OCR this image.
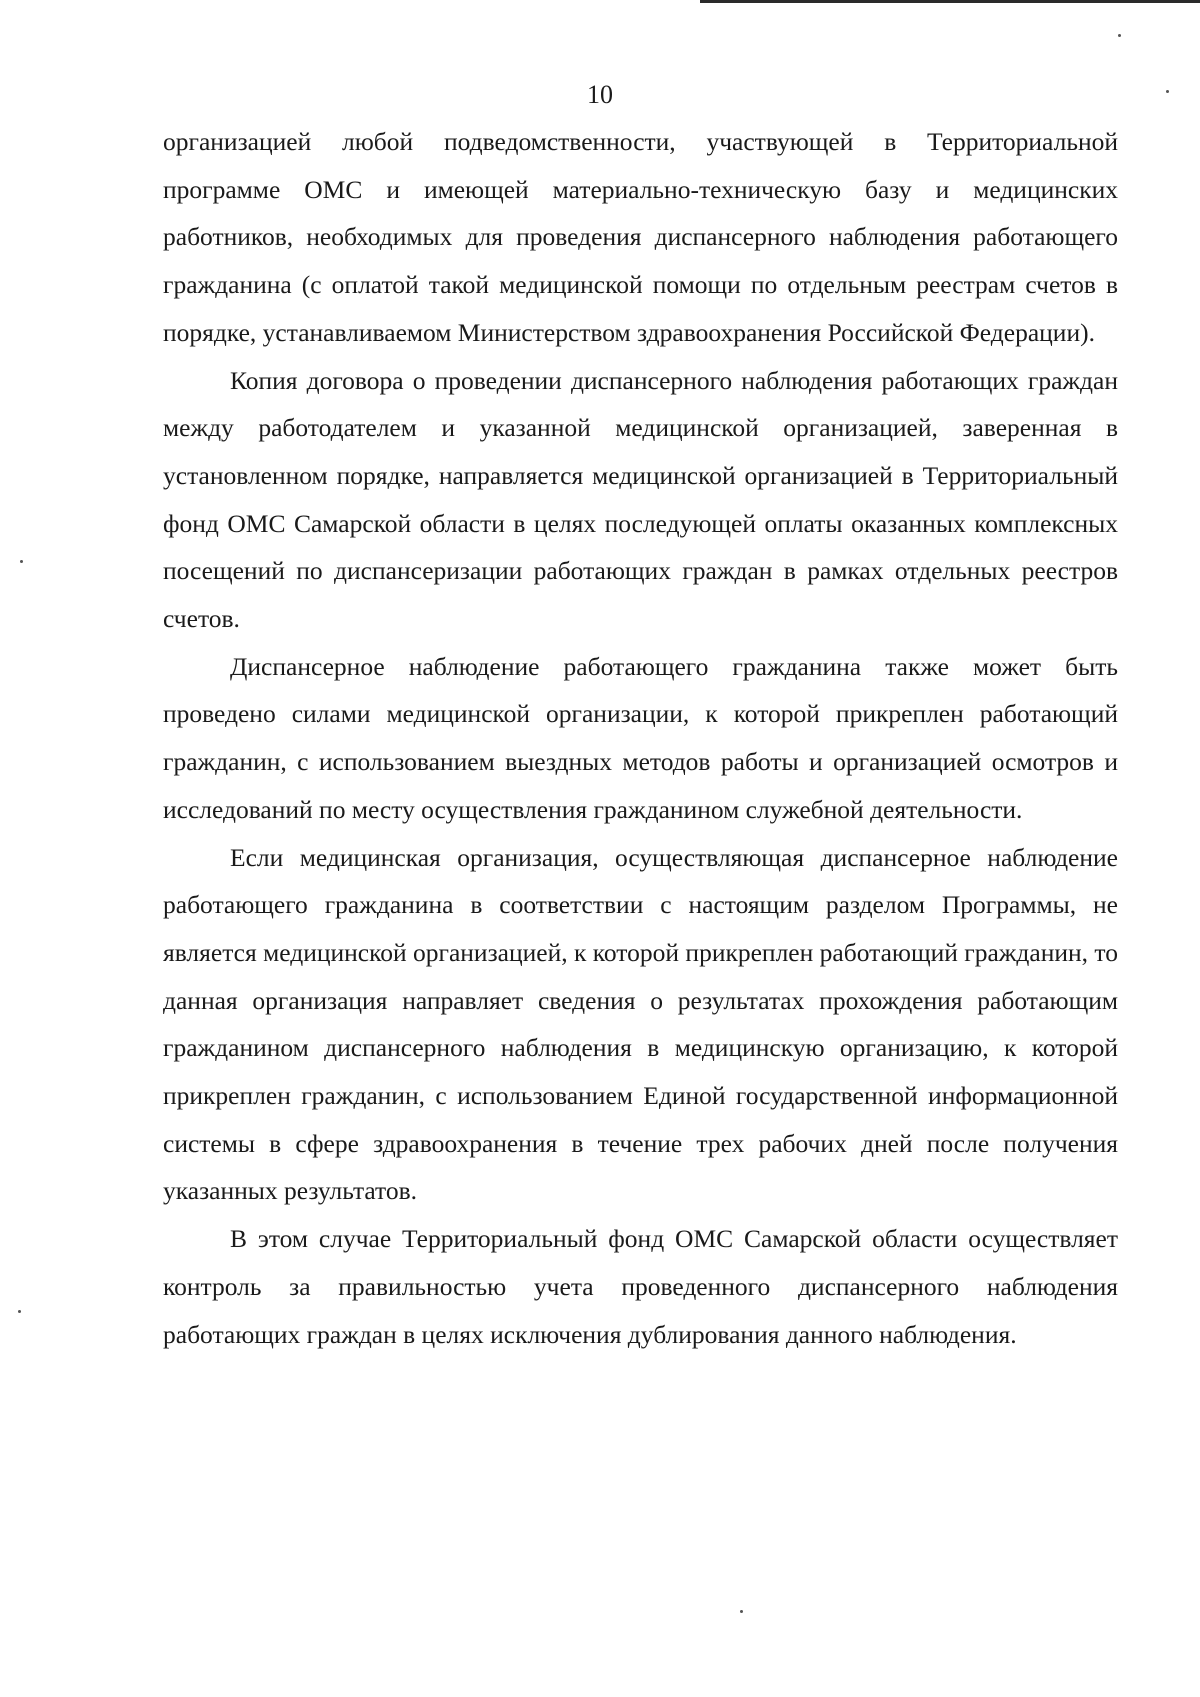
10

организацией любой подведомственности, участвующей в Территориальной программе ОМС и имеющей материально-техническую базу и медицинских работников, необходимых для проведения диспансерного наблюдения работающего гражданина (с оплатой такой медицинской помощи по отдельным реестрам счетов в порядке, устанавливаемом Министерством здравоохранения Российской Федерации).

Копия договора о проведении диспансерного наблюдения работающих граждан между работодателем и указанной медицинской организацией, заверенная в установленном порядке, направляется медицинской организацией в Территориальный фонд ОМС Самарской области в целях последующей оплаты оказанных комплексных посещений по диспансеризации работающих граждан в рамках отдельных реестров счетов.

Диспансерное наблюдение работающего гражданина также может быть проведено силами медицинской организации, к которой прикреплен работающий гражданин, с использованием выездных методов работы и организацией осмотров и исследований по месту осуществления гражданином служебной деятельности.

Если медицинская организация, осуществляющая диспансерное наблюдение работающего гражданина в соответствии с настоящим разделом Программы, не является медицинской организацией, к которой прикреплен работающий гражданин, то данная организация направляет сведения о результатах прохождения работающим гражданином диспансерного наблюдения в медицинскую организацию, к которой прикреплен гражданин, с использованием Единой государственной информационной системы в сфере здравоохранения в течение трех рабочих дней после получения указанных результатов.

В этом случае Территориальный фонд ОМС Самарской области осуществляет контроль за правильностью учета проведенного диспансерного наблюдения работающих граждан в целях исключения дублирования данного наблюдения.
